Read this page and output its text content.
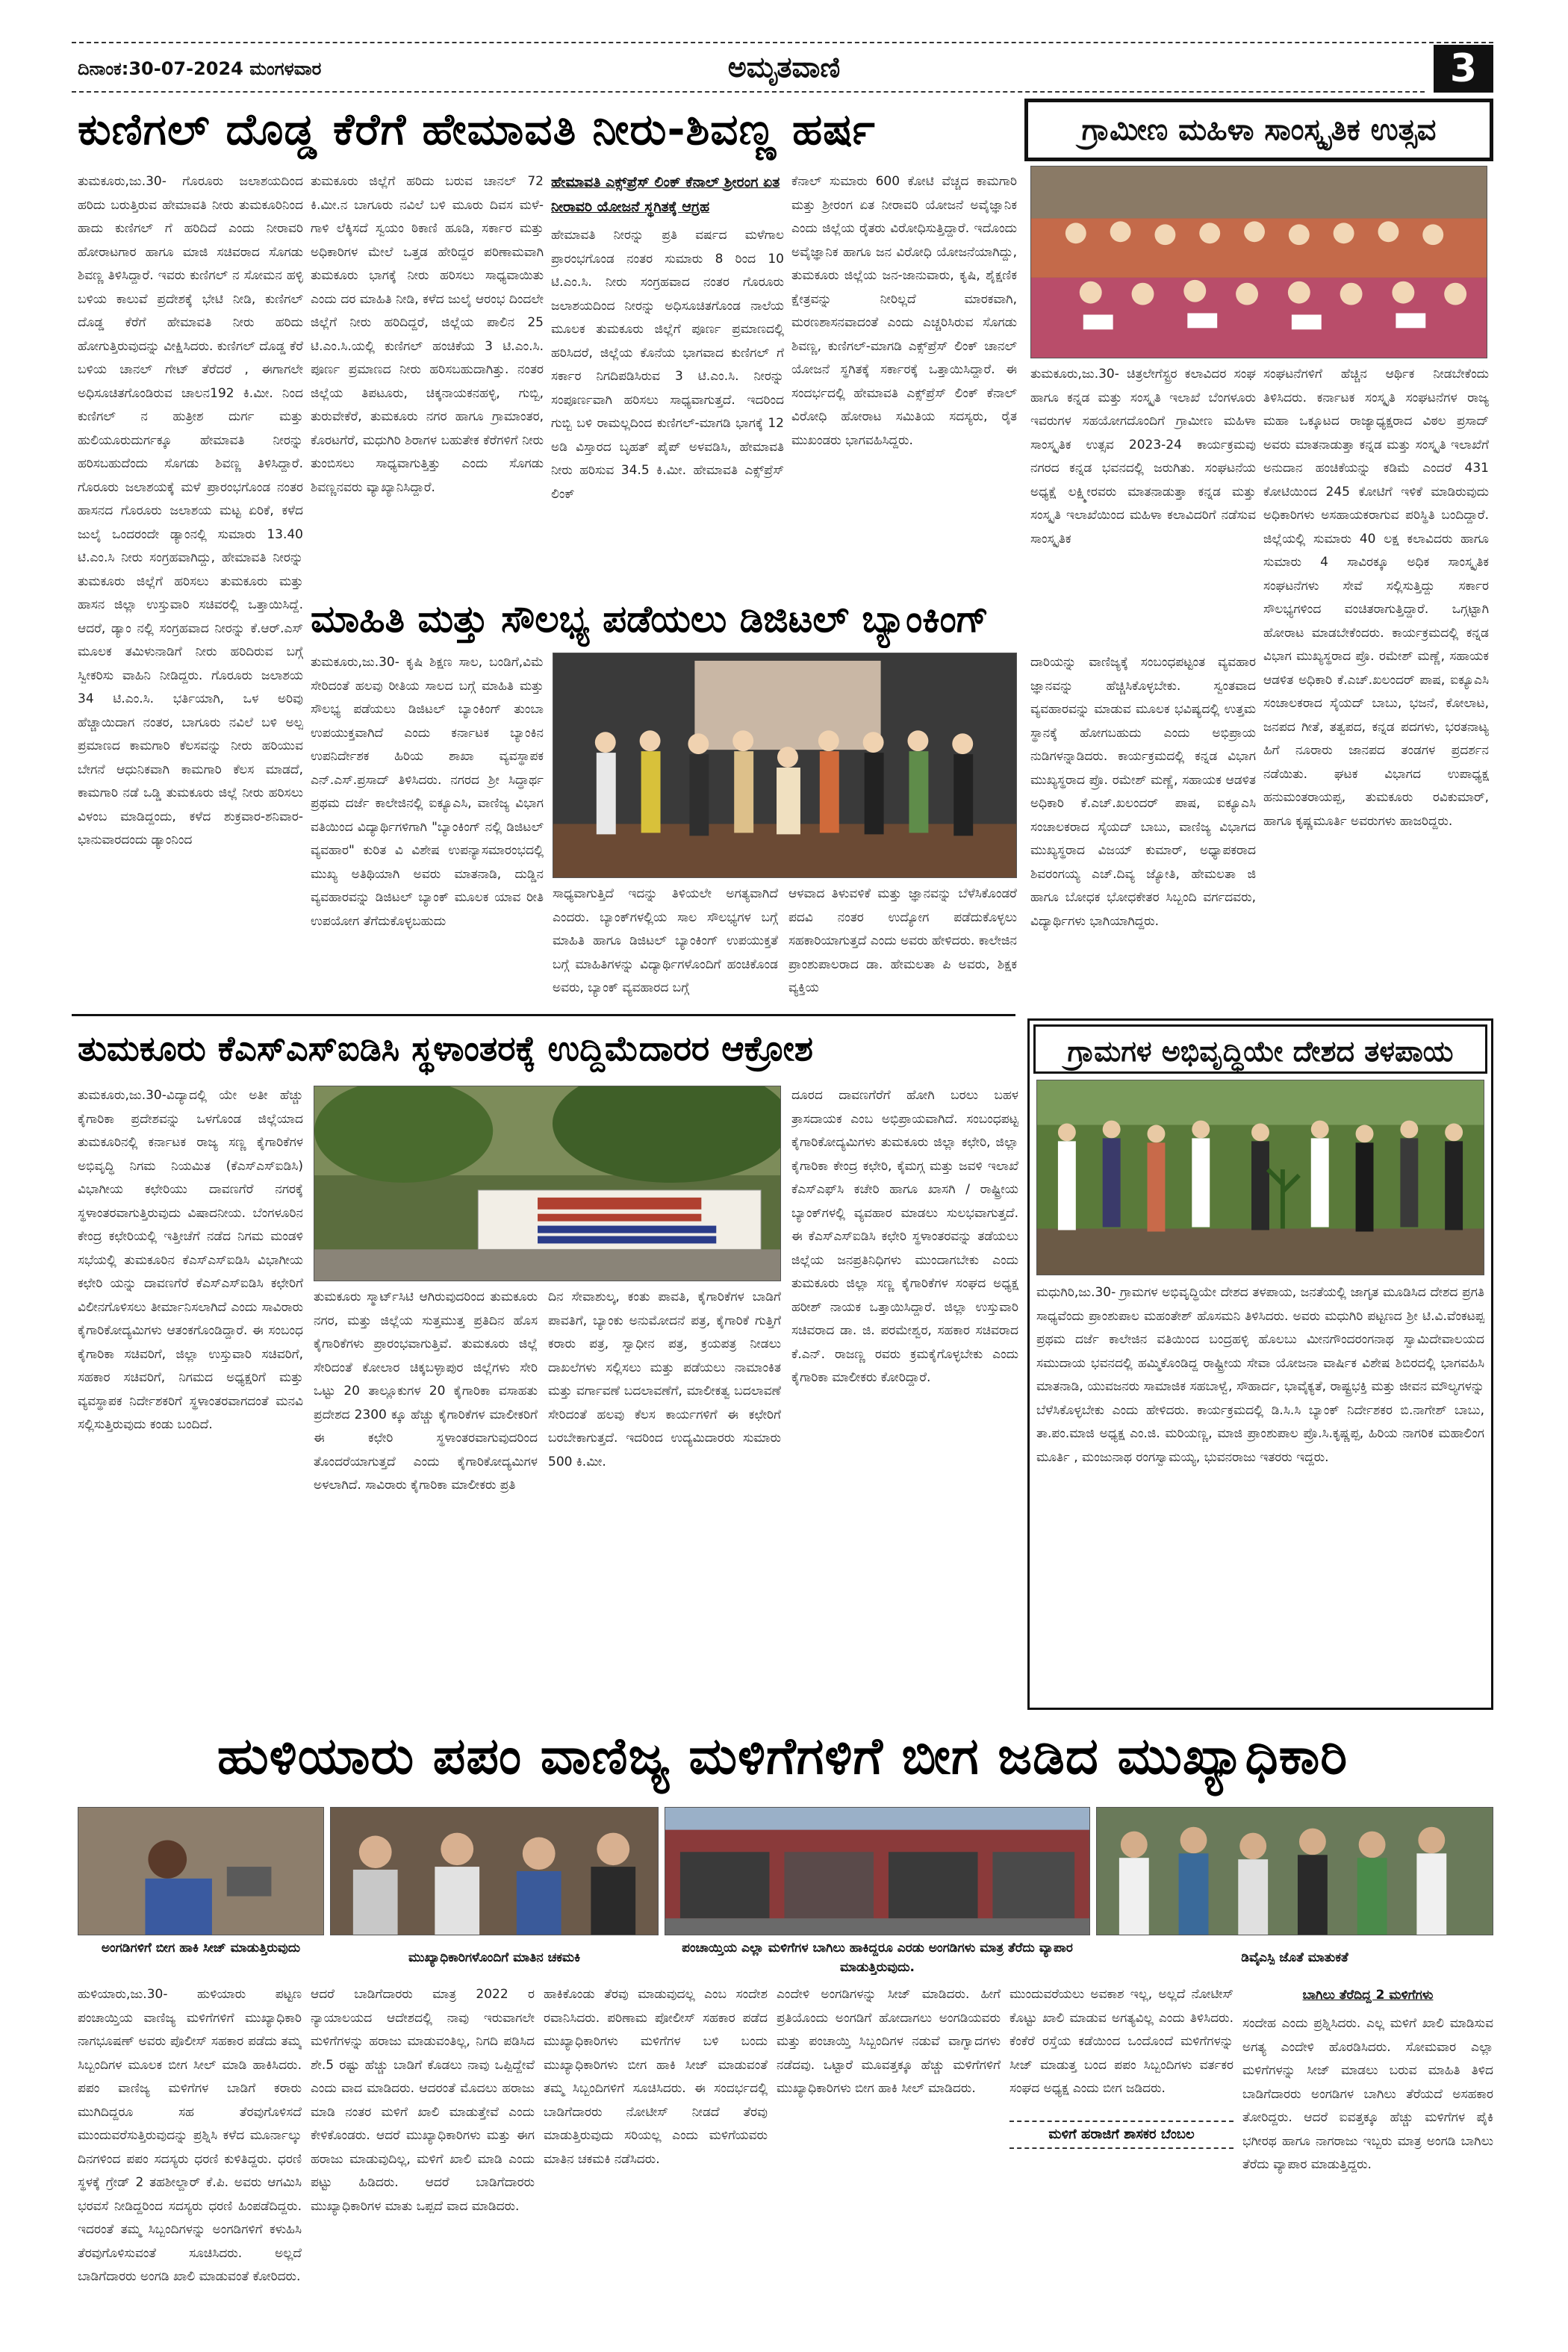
ದಿನಾಂಕ:30-07-2024 ಮಂಗಳವಾರ	ಅಮೃತವಾಣಿ	3
ಕುಣಿಗಲ್ ದೊಡ್ಡ ಕೆರೆಗೆ ಹೇಮಾವತಿ ನೀರು-ಶಿವಣ್ಣ ಹರ್ಷ
ತುಮಕೂರು,ಜು.30- ಗೊರೂರು ಜಲಾಶಯದಿಂದ ಹರಿದು ಬರುತ್ತಿರುವ ಹೇಮಾವತಿ ನೀರು ತುಮಕೂರಿನಿಂದ ಹಾದು ಕುಣಿಗಲ್ ಗೆ ಹರಿದಿದೆ ಎಂದು ನೀರಾವರಿ ಹೋರಾಟಗಾರ ಹಾಗೂ ಮಾಜಿ ಸಚಿವರಾದ ಸೊಗಡು ಶಿವಣ್ಣ ತಿಳಿಸಿದ್ದಾರೆ. ಇವರು ಕುಣಿಗಲ್ ನ ಸೋಮನ ಹಳ್ಳಿ ಬಳಿಯ ಕಾಲುವೆ ಪ್ರದೇಶಕ್ಕೆ ಭೇಟಿ ನೀಡಿ, ಕುಣಿಗಲ್ ದೊಡ್ಡ ಕೆರೆಗೆ ಹೇಮಾವತಿ ನೀರು ಹರಿದು ಹೋಗುತ್ತಿರುವುದನ್ನು ವೀಕ್ಷಿಸಿದರು. ಕುಣಿಗಲ್ ದೊಡ್ಡ ಕೆರೆ ಬಳಿಯ ಚಾನಲ್ ಗೇಟ್ ತೆರೆದರೆ , ಈಗಾಗಲೇ ಅಧಿಸೂಚಿತಗೊಂಡಿರುವ ಚಾಲನ192 ಕಿ.ಮೀ. ನಿಂದ ಕುಣಿಗಲ್ ನ ಹುತ್ರೀಶ ದುರ್ಗ ಮತ್ತು ಹುಲಿಯೂರುದುರ್ಗಕ್ಕೂ ಹೇಮಾವತಿ ನೀರನ್ನು ಹರಿಸಬಹುದೆಂದು ಸೊಗಡು ಶಿವಣ್ಣ ತಿಳಿಸಿದ್ದಾರೆ. ಗೊರೂರು ಜಲಾಶಯಕ್ಕೆ ಮಳೆ ಪ್ರಾರಂಭಗೊಂಡ ನಂತರ ಹಾಸನದ ಗೊರೂರು ಜಲಾಶಯ ಮಟ್ಟ ಏರಿಕೆ, ಕಳೆದ ಜುಲೈ ಒಂದರಂದೇ ಡ್ಯಾಂನಲ್ಲಿ ಸುಮಾರು 13.40 ಟಿ.ಎಂ.ಸಿ ನೀರು ಸಂಗ್ರಹವಾಗಿದ್ದು, ಹೇಮಾವತಿ ನೀರನ್ನು ತುಮಕೂರು ಜಿಲ್ಲೆಗೆ ಹರಿಸಲು ತುಮಕೂರು ಮತ್ತು ಹಾಸನ ಜಿಲ್ಲಾ ಉಸ್ತುವಾರಿ ಸಚಿವರಲ್ಲಿ ಒತ್ತಾಯಿಸಿದ್ದೆ. ಆದರೆ, ಡ್ಯಾಂ ನಲ್ಲಿ ಸಂಗ್ರಹವಾದ ನೀರನ್ನು ಕೆ.ಆರ್.ಎಸ್ ಮೂಲಕ ತಮಿಳುನಾಡಿಗೆ ನೀರು ಹರಿದಿರುವ ಬಗ್ಗೆ ಸ್ವೀಕರಿಸು ವಾಹಿನಿ ನೀಡಿದ್ದರು. ಗೊರೂರು ಜಲಾಶಯ 34 ಟಿ.ಎಂ.ಸಿ. ಭರ್ತಿಯಾಗಿ, ಒಳ ಅರಿವು ಹೆಚ್ಚಾಯಿದಾಗ ನಂತರ, ಬಾಗೂರು ನವಿಲೆ ಬಳಿ ಅಲ್ಪ ಪ್ರಮಾಣದ ಕಾಮಗಾರಿ ಕೆಲಸವನ್ನು ನೀರು ಹರಿಯುವ ಬೇಗನೆ ಆಧುನಿಕವಾಗಿ ಕಾಮಗಾರಿ ಕೆಲಸ ಮಾಡದೆ, ಕಾಮಗಾರಿ ನಡೆ ಒಡ್ಡಿ ತುಮಕೂರು ಜಿಲ್ಲೆ ನೀರು ಹರಿಸಲು ವಿಳಂಬ ಮಾಡಿದ್ದಂದು, ಕಳೆದ ಶುಕ್ರವಾರ-ಶನಿವಾರ-ಭಾನುವಾರದಂದು ಡ್ಯಾಂನಿಂದ
ತುಮಕೂರು ಜಿಲ್ಲೆಗೆ ಹರಿದು ಬರುವ ಚಾನಲ್ 72 ಕಿ.ಮೀ.ನ ಬಾಗೂರು ನವಿಲೆ ಬಳಿ ಮೂರು ದಿವಸ ಮಳೆ-ಗಾಳಿ ಲೆಕ್ಕಿಸದೆ ಸ್ವಯಂ ಠಿಕಾಣಿ ಹೂಡಿ, ಸರ್ಕಾರ ಮತ್ತು ಅಧಿಕಾರಿಗಳ ಮೇಲೆ ಒತ್ತಡ ಹೇರಿದ್ದರ ಪರಿಣಾಮವಾಗಿ ತುಮಕೂರು ಭಾಗಕ್ಕೆ ನೀರು ಹರಿಸಲು ಸಾಧ್ಯವಾಯಿತು ಎಂದು ದರ ಮಾಹಿತಿ ನೀಡಿ, ಕಳೆದ ಜುಲೈ ಆರಂಭ ದಿಂದಲೇ ಜಿಲ್ಲೆಗೆ ನೀರು ಹರಿದಿದ್ದರೆ, ಜಿಲ್ಲೆಯ ಪಾಲಿನ 25 ಟಿ.ಎಂ.ಸಿ.ಯಲ್ಲಿ ಕುಣಿಗಲ್ ಹಂಚಿಕೆಯ 3 ಟಿ.ಎಂ.ಸಿ. ಪೂರ್ಣ ಪ್ರಮಾಣದ ನೀರು ಹರಿಸಬಹುದಾಗಿತ್ತು. ನಂತರ ಜಿಲ್ಲೆಯ ತಿಪಟೂರು, ಚಿಕ್ಕನಾಯಕನಹಳ್ಳಿ, ಗುಬ್ಬಿ, ತುರುವೇಕೆರೆ, ತುಮಕೂರು ನಗರ ಹಾಗೂ ಗ್ರಾಮಾಂತರ, ಕೊರಟಗೆರೆ, ಮಧುಗಿರಿ ಶಿರಾಗಳ ಬಹುತೇಕ ಕೆರೆಗಳಿಗೆ ನೀರು ತುಂಬಿಸಲು ಸಾಧ್ಯವಾಗುತ್ತಿತ್ತು ಎಂದು ಸೊಗಡು ಶಿವಣ್ಣನವರು ವ್ಯಾಖ್ಯಾನಿಸಿದ್ದಾರೆ.
ಹೇಮಾವತಿ ಎಕ್ಸ್‌ಪ್ರೆಸ್ ಲಿಂಕ್ ಕೆನಾಲ್ ಶ್ರೀರಂಗ ಏತ ನೀರಾವರಿ ಯೋಜನೆ ಸ್ಥಗಿತಕ್ಕೆ ಆಗ್ರಹ
ಹೇಮಾವತಿ ನೀರನ್ನು ಪ್ರತಿ ವರ್ಷದ ಮಳೆಗಾಲ ಪ್ರಾರಂಭಗೊಂಡ ನಂತರ ಸುಮಾರು 8 ರಿಂದ 10 ಟಿ.ಎಂ.ಸಿ. ನೀರು ಸಂಗ್ರಹವಾದ ನಂತರ ಗೊರೂರು ಜಲಾಶಯದಿಂದ ನೀರನ್ನು ಅಧಿಸೂಚಿತಗೊಂಡ ನಾಲೆಯ ಮೂಲಕ ತುಮಕೂರು ಜಿಲ್ಲೆಗೆ ಪೂರ್ಣ ಪ್ರಮಾಣದಲ್ಲಿ ಹರಿಸಿದರೆ, ಜಿಲ್ಲೆಯ ಕೊನೆಯ ಭಾಗವಾದ ಕುಣಿಗಲ್ ಗೆ ಸರ್ಕಾರ ನಿಗದಿಪಡಿಸಿರುವ 3 ಟಿ.ಎಂ.ಸಿ. ನೀರನ್ನು ಸಂಪೂರ್ಣವಾಗಿ ಹರಿಸಲು ಸಾಧ್ಯವಾಗುತ್ತದೆ. ಇದರಿಂದ ಗುಬ್ಬಿ ಬಳಿ ರಾಮಲ್ಲದಿಂದ ಕುಣಿಗಲ್-ಮಾಗಡಿ ಭಾಗಕ್ಕೆ 12 ಅಡಿ ವಿಸ್ತಾರದ ಬೃಹತ್ ಪೈಪ್ ಅಳವಡಿಸಿ, ಹೇಮಾವತಿ ನೀರು ಹರಿಸುವ 34.5 ಕಿ.ಮೀ. ಹೇಮಾವತಿ ಎಕ್ಸ್‌ಪ್ರೆಸ್ ಲಿಂಕ್
ಕೆನಾಲ್ ಸುಮಾರು 600 ಕೋಟಿ ವೆಚ್ಚದ ಕಾಮಗಾರಿ ಮತ್ತು ಶ್ರೀರಂಗ ಏತ ನೀರಾವರಿ ಯೋಜನೆ ಅವೈಜ್ಞಾನಿಕ ಎಂದು ಜಿಲ್ಲೆಯ ರೈತರು ವಿರೋಧಿಸುತ್ತಿದ್ದಾರೆ. ಇದೊಂದು ಅವೈಜ್ಞಾನಿಕ ಹಾಗೂ ಜನ ವಿರೋಧಿ ಯೋಜನೆಯಾಗಿದ್ದು, ತುಮಕೂರು ಜಿಲ್ಲೆಯ ಜನ-ಜಾನುವಾರು, ಕೃಷಿ, ಶೈಕ್ಷಣಿಕ ಕ್ಷೇತ್ರವನ್ನು ನೀರಿಲ್ಲದೆ ಮಾರಕವಾಗಿ, ಮರಣಶಾಸನವಾದಂತೆ ಎಂದು ಎಚ್ಚರಿಸಿರುವ ಸೊಗಡು ಶಿವಣ್ಣ, ಕುಣಿಗಲ್-ಮಾಗಡಿ ಎಕ್ಸ್‌ಪ್ರೆಸ್ ಲಿಂಕ್ ಚಾನಲ್ ಯೋಜನೆ ಸ್ಥಗಿತಕ್ಕೆ ಸರ್ಕಾರಕ್ಕೆ ಒತ್ತಾಯಿಸಿದ್ದಾರೆ. ಈ ಸಂದರ್ಭದಲ್ಲಿ ಹೇಮಾವತಿ ಎಕ್ಸ್‌ಪ್ರೆಸ್ ಲಿಂಕ್ ಕೆನಾಲ್ ವಿರೋಧಿ ಹೋರಾಟ ಸಮಿತಿಯ ಸದಸ್ಯರು, ರೈತ ಮುಖಂಡರು ಭಾಗವಹಿಸಿದ್ದರು.
ಗ್ರಾಮೀಣ ಮಹಿಳಾ ಸಾಂಸ್ಕೃತಿಕ ಉತ್ಸವ
ತುಮಕೂರು,ಜು.30- ಚಿತ್ರಲೇಗೆಸ್ಟ್ರರ ಕಲಾವಿದರ ಸಂಘ ಹಾಗೂ ಕನ್ನಡ ಮತ್ತು ಸಂಸ್ಕೃತಿ ಇಲಾಖೆ ಬೆಂಗಳೂರು ಇವರುಗಳ ಸಹಯೋಗದೊಂದಿಗೆ ಗ್ರಾಮೀಣ ಮಹಿಳಾ ಸಾಂಸ್ಕೃತಿಕ ಉತ್ಸವ 2023-24 ಕಾರ್ಯಕ್ರಮವು ನಗರದ ಕನ್ನಡ ಭವನದಲ್ಲಿ ಜರುಗಿತು. ಸಂಘಟನೆಯ ಅಧ್ಯಕ್ಷೆ ಲಕ್ಷ್ಮೀರವರು ಮಾತನಾಡುತ್ತಾ ಕನ್ನಡ ಮತ್ತು ಸಂಸ್ಕೃತಿ ಇಲಾಖೆಯಿಂದ ಮಹಿಳಾ ಕಲಾವಿದರಿಗೆ ನಡೆಸುವ ಸಾಂಸ್ಕೃತಿಕ
ಸಂಘಟನೆಗಳಿಗೆ ಹೆಚ್ಚಿನ ಆರ್ಥಿಕ ನೀಡಬೇಕೆಂದು ತಿಳಿಸಿದರು. ಕರ್ನಾಟಕ ಸಂಸ್ಕೃತಿ ಸಂಘಟನೆಗಳ ರಾಜ್ಯ ಮಹಾ ಒಕ್ಕೂಟದ ರಾಜ್ಯಾಧ್ಯಕ್ಷರಾದ ವಿಠಲ ಪ್ರಸಾದ್ ಅವರು ಮಾತನಾಡುತ್ತಾ ಕನ್ನಡ ಮತ್ತು ಸಂಸ್ಕೃತಿ ಇಲಾಖೆಗೆ ಅನುದಾನ ಹಂಚಿಕೆಯನ್ನು ಕಡಿಮೆ ಎಂದರೆ 431 ಕೋಟಿಯಿಂದ 245 ಕೋಟಿಗೆ ಇಳಿಕೆ ಮಾಡಿರುವುದು ಅಧಿಕಾರಿಗಳು ಅಸಹಾಯಕರಾಗುವ ಪರಿಸ್ಥಿತಿ ಬಂದಿದ್ದಾರೆ. ಜಿಲ್ಲೆಯಲ್ಲಿ ಸುಮಾರು 40 ಲಕ್ಷ ಕಲಾವಿದರು ಹಾಗೂ ಸುಮಾರು 4 ಸಾವಿರಕ್ಕೂ ಅಧಿಕ ಸಾಂಸ್ಕೃತಿಕ ಸಂಘಟನೆಗಳು ಸೇವೆ ಸಲ್ಲಿಸುತ್ತಿದ್ದು ಸರ್ಕಾರ ಸೌಲಭ್ಯಗಳಿಂದ ವಂಚಿತರಾಗುತ್ತಿದ್ದಾರೆ. ಒಗ್ಗಟ್ಟಾಗಿ ಹೋರಾಟ ಮಾಡಬೇಕೆಂದರು. ಕಾರ್ಯಕ್ರಮದಲ್ಲಿ ಕನ್ನಡ ವಿಭಾಗ ಮುಖ್ಯಸ್ಥರಾದ ಪ್ರೊ. ರಮೇಶ್ ಮಣ್ಣೆ, ಸಹಾಯಕ ಆಡಳಿತ ಅಧಿಕಾರಿ ಕೆ.ಎಚ್.ಖಲಂದರ್ ಪಾಷ, ಐಕ್ಯೂಎಸಿ ಸಂಚಾಲಕರಾದ ಸೈಯದ್ ಬಾಬು, ಭಜನೆ, ಕೋಲಾಟ, ಜನಪದ ಗೀತೆ, ತತ್ವಪದ, ಕನ್ನಡ ಪದಗಳು, ಭರತನಾಟ್ಯ ಹಿಗೆ ನೂರಾರು ಜಾನಪದ ತಂಡಗಳ ಪ್ರದರ್ಶನ ನಡೆಯಿತು. ಘಟಕ ವಿಭಾಗದ ಉಪಾಧ್ಯಕ್ಷ ಹನುಮಂತರಾಯಪ್ಪ, ತುಮಕೂರು ರವಿಕುಮಾರ್, ಹಾಗೂ ಕೃಷ್ಣಮೂರ್ತಿ ಅವರುಗಳು ಹಾಜರಿದ್ದರು.
ಮಾಹಿತಿ ಮತ್ತು ಸೌಲಭ್ಯ ಪಡೆಯಲು ಡಿಜಿಟಲ್ ಬ್ಯಾಂಕಿಂಗ್
ತುಮಕೂರು,ಜು.30- ಕೃಷಿ ಶಿಕ್ಷಣ ಸಾಲ, ಬಂಡಿಗೆ,ವಿಮೆ ಸೇರಿದಂತೆ ಹಲವು ರೀತಿಯ ಸಾಲದ ಬಗ್ಗೆ ಮಾಹಿತಿ ಮತ್ತು ಸೌಲಭ್ಯ ಪಡೆಯಲು ಡಿಜಿಟಲ್ ಬ್ಯಾಂಕಿಂಗ್ ತುಂಬಾ ಉಪಯುಕ್ತವಾಗಿದೆ ಎಂದು ಕರ್ನಾಟಕ ಬ್ಯಾಂಕಿನ ಉಪನಿರ್ದೇಶಕ ಹಿರಿಯ ಶಾಖಾ ವ್ಯವಸ್ಥಾಪಕ ಎನ್.ಎಸ್.ಪ್ರಸಾದ್ ತಿಳಿಸಿದರು. ನಗರದ ಶ್ರೀ ಸಿದ್ಧಾರ್ಥ ಪ್ರಥಮ ದರ್ಜೆ ಕಾಲೇಜಿನಲ್ಲಿ ಐಕ್ಯೂಎಸಿ, ವಾಣಿಜ್ಯ ವಿಭಾಗ ವತಿಯಿಂದ ವಿದ್ಯಾರ್ಥಿಗಳಿಗಾಗಿ "ಬ್ಯಾಂಕಿಂಗ್ ನಲ್ಲಿ ಡಿಜಿಟಲ್ ವ್ಯವಹಾರ" ಕುರಿತ ವಿ ವಿಶೇಷ ಉಪನ್ಯಾಸಮಾರಂಭದಲ್ಲಿ ಮುಖ್ಯ ಅತಿಥಿಯಾಗಿ ಅವರು ಮಾತನಾಡಿ, ದುಡ್ಡಿನ ವ್ಯವಹಾರವನ್ನು ಡಿಜಿಟಲ್ ಬ್ಯಾಂಕ್ ಮೂಲಕ ಯಾವ ರೀತಿ ಉಪಯೋಗ ತೆಗೆದುಕೊಳ್ಳಬಹುದು
ಸಾಧ್ಯವಾಗುತ್ತಿದೆ ಇದನ್ನು ತಿಳಿಯಲೇ ಅಗತ್ಯವಾಗಿದೆ ಎಂದರು. ಬ್ಯಾಂಕ್‌ಗಳಲ್ಲಿಯ ಸಾಲ ಸೌಲಭ್ಯಗಳ ಬಗ್ಗೆ ಮಾಹಿತಿ ಹಾಗೂ ಡಿಜಿಟಲ್ ಬ್ಯಾಂಕಿಂಗ್ ಉಪಯುಕ್ತತೆ ಬಗ್ಗೆ ಮಾಹಿತಿಗಳನ್ನು ವಿದ್ಯಾರ್ಥಿಗಳೊಂದಿಗೆ ಹಂಚಿಕೊಂಡ ಅವರು, ಬ್ಯಾಂಕ್ ವ್ಯವಹಾರದ ಬಗ್ಗೆ
ಆಳವಾದ ತಿಳುವಳಿಕೆ ಮತ್ತು ಜ್ಞಾನವನ್ನು ಬೆಳೆಸಿಕೊಂಡರೆ ಪದವಿ ನಂತರ ಉದ್ಯೋಗ ಪಡೆದುಕೊಳ್ಳಲು ಸಹಕಾರಿಯಾಗುತ್ತದೆ ಎಂದು ಅವರು ಹೇಳಿದರು. ಕಾಲೇಜಿನ ಪ್ರಾಂಶುಪಾಲರಾದ ಡಾ. ಹೇಮಲತಾ ಪಿ ಅವರು, ಶಿಕ್ಷಕ ವ್ಯಕ್ತಿಯ
ದಾರಿಯನ್ನು ವಾಣಿಜ್ಯಕ್ಕೆ ಸಂಬಂಧಪಟ್ಟಂತ ವ್ಯವಹಾರ ಜ್ಞಾನವನ್ನು ಹೆಚ್ಚಿಸಿಕೊಳ್ಳಬೇಕು. ಸ್ವಂತವಾದ ವ್ಯವಹಾರವನ್ನು ಮಾಡುವ ಮೂಲಕ ಭವಿಷ್ಯದಲ್ಲಿ ಉತ್ತಮ ಸ್ಥಾನಕ್ಕೆ ಹೋಗಬಹುದು ಎಂದು ಅಭಿಪ್ರಾಯ ನುಡಿಗಳನ್ನಾಡಿದರು. ಕಾರ್ಯಕ್ರಮದಲ್ಲಿ ಕನ್ನಡ ವಿಭಾಗ ಮುಖ್ಯಸ್ಥರಾದ ಪ್ರೊ. ರಮೇಶ್ ಮಣ್ಣೆ, ಸಹಾಯಕ ಆಡಳಿತ ಅಧಿಕಾರಿ ಕೆ.ಎಚ್.ಖಲಂದರ್ ಪಾಷ, ಐಕ್ಯೂಎಸಿ ಸಂಚಾಲಕರಾದ ಸೈಯದ್ ಬಾಬು, ವಾಣಿಜ್ಯ ವಿಭಾಗದ ಮುಖ್ಯಸ್ಥರಾದ ವಿಜಯ್ ಕುಮಾರ್, ಅಧ್ಯಾಪಕರಾದ ಶಿವರಂಗಯ್ಯ ಎಚ್.ದಿವ್ಯ ಜ್ಯೋತಿ, ಹೇಮಲತಾ ಜಿ ಹಾಗೂ ಬೋಧಕ ಭೋಧಕೇತರ ಸಿಬ್ಬಂದಿ ವರ್ಗದವರು, ವಿದ್ಯಾರ್ಥಿಗಳು ಭಾಗಿಯಾಗಿದ್ದರು.
ತುಮಕೂರು ಕೆಎಸ್ಎಸ್ಐಡಿಸಿ ಸ್ಥಳಾಂತರಕ್ಕೆ ಉದ್ದಿಮೆದಾರರ ಆಕ್ರೋಶ
ತುಮಕೂರು,ಜು.30-ವಿದ್ಯಾದಲ್ಲಿ ಯೇ ಅತೀ ಹೆಚ್ಚು ಕೈಗಾರಿಕಾ ಪ್ರದೇಶವನ್ನು ಒಳಗೊಂಡ ಜಿಲ್ಲೆಯಾದ ತುಮಕೂರಿನಲ್ಲಿ ಕರ್ನಾಟಕ ರಾಜ್ಯ ಸಣ್ಣ ಕೈಗಾರಿಕೆಗಳ ಅಭಿವೃದ್ಧಿ ನಿಗಮ ನಿಯಮಿತ (ಕೆಎಸ್ಎಸ್ಐಡಿಸಿ) ವಿಭಾಗೀಯ ಕಛೇರಿಯು ದಾವಣಗೆರೆ ನಗರಕ್ಕೆ ಸ್ಥಳಾಂತರವಾಗುತ್ತಿರುವುದು ವಿಷಾದನೀಯ. ಬೆಂಗಳೂರಿನ ಕೇಂದ್ರ ಕಛೇರಿಯಲ್ಲಿ ಇತ್ತೀಚೆಗೆ ನಡೆದ ನಿಗಮ ಮಂಡಳಿ ಸಭೆಯಲ್ಲಿ ತುಮಕೂರಿನ ಕೆಎಸ್ಎಸ್ಐಡಿಸಿ ವಿಭಾಗೀಯ ಕಛೇರಿ ಯನ್ನು ದಾವಣಗೆರೆ ಕೆಎಸ್ಎಸ್ಐಡಿಸಿ ಕಛೇರಿಗೆ ವಿಲೀನಗೊಳಿಸಲು ತೀರ್ಮಾನಿಸಲಾಗಿದೆ ಎಂದು ಸಾವಿರಾರು ಕೈಗಾರಿಕೋದ್ಯಮಿಗಳು ಆತಂಕಗೊಂಡಿದ್ದಾರೆ. ಈ ಸಂಬಂಧ ಕೈಗಾರಿಕಾ ಸಚಿವರಿಗೆ, ಜಿಲ್ಲಾ ಉಸ್ತುವಾರಿ ಸಚಿವರಿಗೆ, ಸಹಕಾರ ಸಚಿವರಿಗೆ, ನಿಗಮದ ಅಧ್ಯಕ್ಷರಿಗೆ ಮತ್ತು ವ್ಯವಸ್ಥಾಪಕ ನಿರ್ದೇಶಕರಿಗೆ ಸ್ಥಳಾಂತರವಾಗದಂತೆ ಮನವಿ ಸಲ್ಲಿಸುತ್ತಿರುವುದು ಕಂಡು ಬಂದಿದೆ.
ತುಮಕೂರು ಸ್ಮಾರ್ಟ್‌ಸಿಟಿ ಆಗಿರುವುದರಿಂದ ತುಮಕೂರು ನಗರ, ಮತ್ತು ಜಿಲ್ಲೆಯ ಸುತ್ತಮುತ್ತ ಪ್ರತಿದಿನ ಹೊಸ ಕೈಗಾರಿಕೆಗಳು ಪ್ರಾರಂಭವಾಗುತ್ತಿವೆ. ತುಮಕೂರು ಜಿಲ್ಲೆ ಸೇರಿದಂತೆ ಕೋಲಾರ ಚಿಕ್ಕಬಳ್ಳಾಪುರ ಜಿಲ್ಲೆಗಳು ಸೇರಿ ಒಟ್ಟು 20 ತಾಲ್ಲೂಕುಗಳ 20 ಕೈಗಾರಿಕಾ ವಸಾಹತು ಪ್ರದೇಶದ 2300 ಕ್ಕೂ ಹೆಚ್ಚು ಕೈಗಾರಿಕೆಗಳ ಮಾಲೀಕರಿಗೆ ಈ ಕಛೇರಿ ಸ್ಥಳಾಂತರವಾಗುವುದರಿಂದ ತೊಂದರೆಯಾಗುತ್ತದೆ ಎಂದು ಕೈಗಾರಿಕೋದ್ಯಮಿಗಳ ಅಳಲಾಗಿದೆ. ಸಾವಿರಾರು ಕೈಗಾರಿಕಾ ಮಾಲೀಕರು ಪ್ರತಿ
ದಿನ ಸೇವಾಶುಲ್ಕ, ಕಂತು ಪಾವತಿ, ಕೈಗಾರಿಕೆಗಳ ಬಾಡಿಗೆ ಪಾವತಿಗೆ, ಬ್ಯಾಂಕು ಅನುಮೋದನೆ ಪತ್ರ, ಕೈಗಾರಿಕೆ ಗುತ್ತಿಗೆ ಕರಾರು ಪತ್ರ, ಸ್ವಾಧೀನ ಪತ್ರ, ಕ್ರಯಪತ್ರ ನೀಡಲು ದಾಖಲೆಗಳು ಸಲ್ಲಿಸಲು ಮತ್ತು ಪಡೆಯಲು ನಾಮಾಂಕಿತ ಮತ್ತು ವರ್ಗಾವಣೆ ಬದಲಾವಣೆಗೆ, ಮಾಲೀಕತ್ವ ಬದಲಾವಣೆ ಸೇರಿದಂತೆ ಹಲವು ಕೆಲಸ ಕಾರ್ಯಗಳಿಗೆ ಈ ಕಛೇರಿಗೆ ಬರಬೇಕಾಗುತ್ತದೆ. ಇದರಿಂದ ಉದ್ಯಮಿದಾರರು ಸುಮಾರು 500 ಕಿ.ಮೀ.
ದೂರದ ದಾವಣಗೆರೆಗೆ ಹೋಗಿ ಬರಲು ಬಹಳ ತ್ರಾಸದಾಯಕ ಎಂಬ ಅಭಿಪ್ರಾಯವಾಗಿದೆ. ಸಂಬಂಧಪಟ್ಟ ಕೈಗಾರಿಕೋದ್ಯಮಿಗಳು ತುಮಕೂರು ಜಿಲ್ಲಾ ಕಛೇರಿ, ಜಿಲ್ಲಾ ಕೈಗಾರಿಕಾ ಕೇಂದ್ರ ಕಛೇರಿ, ಕೈಮಗ್ಗ ಮತ್ತು ಜವಳಿ ಇಲಾಖೆ ಕೆಎಸ್ಎಫ್‌ಸಿ ಕಚೇರಿ ಹಾಗೂ ಖಾಸಗಿ / ರಾಷ್ಟ್ರೀಯ ಬ್ಯಾಂಕ್‌ಗಳಲ್ಲಿ ವ್ಯವಹಾರ ಮಾಡಲು ಸುಲಭವಾಗುತ್ತದೆ. ಈ ಕೆಎಸ್ಎಸ್ಐಡಿಸಿ ಕಛೇರಿ ಸ್ಥಳಾಂತರವನ್ನು ತಡೆಯಲು ಜಿಲ್ಲೆಯ ಜನಪ್ರತಿನಿಧಿಗಳು ಮುಂದಾಗಬೇಕು ಎಂದು ತುಮಕೂರು ಜಿಲ್ಲಾ ಸಣ್ಣ ಕೈಗಾರಿಕೆಗಳ ಸಂಘದ ಅಧ್ಯಕ್ಷ ಹರೀಶ್ ನಾಯಕ ಒತ್ತಾಯಿಸಿದ್ದಾರೆ. ಜಿಲ್ಲಾ ಉಸ್ತುವಾರಿ ಸಚಿವರಾದ ಡಾ. ಜಿ. ಪರಮೇಶ್ವರ, ಸಹಕಾರ ಸಚಿವರಾದ ಕೆ.ಎನ್. ರಾಜಣ್ಣ ರವರು ಕ್ರಮಕೈಗೊಳ್ಳಬೇಕು ಎಂದು ಕೈಗಾರಿಕಾ ಮಾಲೀಕರು ಕೋರಿದ್ದಾರೆ.
ಗ್ರಾಮಗಳ ಅಭಿವೃದ್ಧಿಯೇ ದೇಶದ ತಳಪಾಯ
ಮಧುಗಿರಿ,ಜು.30- ಗ್ರಾಮಗಳ ಅಭಿವೃದ್ಧಿಯೇ ದೇಶದ ತಳಪಾಯ, ಜನತೆಯಲ್ಲಿ ಜಾಗೃತ ಮೂಡಿಸಿದ ದೇಶದ ಪ್ರಗತಿ ಸಾಧ್ಯವೆಂದು ಪ್ರಾಂಶುಪಾಲ ಮಹಂತೇಶ್ ಹೊಸಮನಿ ತಿಳಿಸಿದರು. ಅವರು ಮಧುಗಿರಿ ಪಟ್ಟಣದ ಶ್ರೀ ಟಿ.ವಿ.ವೆಂಕಟಪ್ಪ ಪ್ರಥಮ ದರ್ಜೆ ಕಾಲೇಜಿನ ವತಿಯಿಂದ ಬಂದ್ರಹಳ್ಳಿ ಹೊಲಬು ಮೀನಗೌಂದರಂಗನಾಥ ಸ್ವಾಮಿದೇವಾಲಯದ ಸಮುದಾಯ ಭವನದಲ್ಲಿ ಹಮ್ಮಿಕೊಂಡಿದ್ದ ರಾಷ್ಟ್ರೀಯ ಸೇವಾ ಯೋಜನಾ ವಾರ್ಷಿಕ ವಿಶೇಷ ಶಿಬಿರದಲ್ಲಿ ಭಾಗವಹಿಸಿ ಮಾತನಾಡಿ, ಯುವಜನರು ಸಾಮಾಜಿಕ ಸಹಬಾಳ್ವೆ, ಸೌಹಾರ್ದ, ಭಾವೈಕ್ಯತೆ, ರಾಷ್ಟ್ರಭಕ್ತಿ ಮತ್ತು ಜೀವನ ಮೌಲ್ಯಗಳನ್ನು ಬೆಳೆಸಿಕೊಳ್ಳಬೇಕು ಎಂದು ಹೇಳಿದರು. ಕಾರ್ಯಕ್ರಮದಲ್ಲಿ ಡಿ.ಸಿ.ಸಿ ಬ್ಯಾಂಕ್ ನಿರ್ದೇಶಕರ ಬಿ.ನಾಗೇಶ್ ಬಾಬು, ತಾ.ಪಂ.ಮಾಜಿ ಅಧ್ಯಕ್ಷ ಎಂ.ಜಿ. ಮರಿಯಣ್ಣ, ಮಾಜಿ ಪ್ರಾಂಶುಪಾಲ ಪ್ರೊ.ಸಿ.ಕೃಷ್ಣಪ್ಪ, ಹಿರಿಯ ನಾಗರಿಕ ಮಹಾಲಿಂಗ ಮೂರ್ತಿ , ಮಂಜುನಾಥ ರಂಗಸ್ವಾಮಯ್ಯ, ಭುವನರಾಜು ಇತರರು ಇದ್ದರು.
ಹುಳಿಯಾರು ಪಪಂ ವಾಣಿಜ್ಯ ಮಳಿಗೆಗಳಿಗೆ ಬೀಗ ಜಡಿದ ಮುಖ್ಯಾಧಿಕಾರಿ
ಅಂಗಡಿಗಳಿಗೆ ಬೀಗ ಹಾಕಿ ಸೀಜ್ ಮಾಡುತ್ತಿರುವುದು
ಮುಖ್ಯಾಧಿಕಾರಿಗಳೊಂದಿಗೆ ಮಾತಿನ ಚಕಮಕಿ
ಪಂಚಾಯ್ತಿಯ ಎಲ್ಲಾ ಮಳಿಗೆಗಳ ಬಾಗಿಲು ಹಾಕಿದ್ದರೂ ಎರಡು ಅಂಗಡಿಗಳು ಮಾತ್ರ ತೆರೆದು ವ್ಯಾಪಾರ ಮಾಡುತ್ತಿರುವುದು.
ಡಿವೈಎಸ್ಪಿ ಜೊತೆ ಮಾತುಕತೆ
ಹುಳಿಯಾರು,ಜು.30- ಹುಳಿಯಾರು ಪಟ್ಟಣ ಪಂಚಾಯ್ತಿಯ ವಾಣಿಜ್ಯ ಮಳಿಗೆಗಳಿಗೆ ಮುಖ್ಯಾಧಿಕಾರಿ ನಾಗಭೂಷಣ್ ಅವರು ಪೊಲೀಸ್ ಸಹಕಾರ ಪಡೆದು ತಮ್ಮ ಸಿಬ್ಬಂದಿಗಳ ಮೂಲಕ ಬೀಗ ಸೀಲ್ ಮಾಡಿ ಹಾಕಿಸಿದರು. ಪಪಂ ವಾಣಿಜ್ಯ ಮಳಿಗೆಗಳ ಬಾಡಿಗೆ ಕರಾರು ಮುಗಿದಿದ್ದರೂ ಸಹ ತೆರವುಗೊಳಿಸದೆ ಮುಂದುವರೆಸುತ್ತಿರುವುದನ್ನು ಪ್ರಶ್ನಿಸಿ ಕಳೆದ ಮೂರ್ನಾಲ್ಕು ದಿನಗಳಿಂದ ಪಪಂ ಸದಸ್ಯರು ಧರಣಿ ಕುಳಿತಿದ್ದರು. ಧರಣಿ ಸ್ಥಳಕ್ಕೆ ಗ್ರೇಡ್ 2 ತಹಶೀಲ್ದಾರ್ ಕೆ.ಪಿ. ಅವರು ಆಗಮಿಸಿ ಭರವಸೆ ನೀಡಿದ್ದರಿಂದ ಸದಸ್ಯರು ಧರಣಿ ಹಿಂಪಡೆದಿದ್ದರು. ಇದರಂತೆ ತಮ್ಮ ಸಿಬ್ಬಂದಿಗಳನ್ನು ಅಂಗಡಿಗಳಿಗೆ ಕಳುಹಿಸಿ ತೆರವುಗೊಳಿಸುವಂತೆ ಸೂಚಿಸಿದರು. ಅಲ್ಲದೆ ಬಾಡಿಗೆದಾರರು ಅಂಗಡಿ ಖಾಲಿ ಮಾಡುವಂತೆ ಕೋರಿದರು.
ಆದರೆ ಬಾಡಿಗೆದಾರರು ಮಾತ್ರ 2022 ರ ನ್ಯಾಯಾಲಯದ ಆದೇಶದಲ್ಲಿ ನಾವು ಇರುವಾಗಲೇ ಮಳಿಗೆಗಳನ್ನು ಹರಾಜು ಮಾಡುವಂತಿಲ್ಲ, ನಿಗದಿ ಪಡಿಸಿದ ಶೇ.5 ರಷ್ಟು ಹೆಚ್ಚು ಬಾಡಿಗೆ ಕೊಡಲು ನಾವು ಒಪ್ಪಿದ್ದೇವೆ ಎಂದು ವಾದ ಮಾಡಿದರು. ಆದರಂತೆ ಮೊದಲು ಹರಾಜು ಮಾಡಿ ನಂತರ ಮಳಿಗೆ ಖಾಲಿ ಮಾಡುತ್ತೇವೆ ಎಂದು ಕೇಳಿಕೊಂಡರು. ಆದರೆ ಮುಖ್ಯಾಧಿಕಾರಿಗಳು ಮತ್ತು ಈಗ ಹರಾಜು ಮಾಡುವುದಿಲ್ಲ, ಮಳಿಗೆ ಖಾಲಿ ಮಾಡಿ ಎಂದು ಪಟ್ಟು ಹಿಡಿದರು. ಆದರೆ ಬಾಡಿಗೆದಾರರು ಮುಖ್ಯಾಧಿಕಾರಿಗಳ ಮಾತು ಒಪ್ಪದೆ ವಾದ ಮಾಡಿದರು.
ಹಾಕಿಕೊಂಡು ತೆರವು ಮಾಡುವುದಲ್ಲ ಎಂಬ ಸಂದೇಶ ರವಾನಿಸಿದರು. ಪರಿಣಾಮ ಪೋಲೀಸ್ ಸಹಕಾರ ಪಡೆದ ಮುಖ್ಯಾಧಿಕಾರಿಗಳು ಮಳಿಗೆಗಳ ಬಳಿ ಬಂದು ಮುಖ್ಯಾಧಿಕಾರಿಗಳು ಬೀಗ ಹಾಕಿ ಸೀಜ್ ಮಾಡುವಂತೆ ತಮ್ಮ ಸಿಬ್ಬಂದಿಗಳಿಗೆ ಸೂಚಿಸಿದರು. ಈ ಸಂದರ್ಭದಲ್ಲಿ ಬಾಡಿಗೆದಾರರು ನೋಟೀಸ್ ನೀಡದೆ ತೆರವು ಮಾಡುತ್ತಿರುವುದು ಸರಿಯಲ್ಲ ಎಂದು ಮಳಿಗೆಯವರು ಮಾತಿನ ಚಕಮಕಿ ನಡೆಸಿದರು.
ಎಂದೇಳಿ ಅಂಗಡಿಗಳನ್ನು ಸೀಜ್ ಮಾಡಿದರು. ಹೀಗೆ ಪ್ರತಿಯೊಂದು ಅಂಗಡಿಗೆ ಹೋದಾಗಲು ಅಂಗಡಿಯವರು ಮತ್ತು ಪಂಚಾಯ್ತಿ ಸಿಬ್ಬಂದಿಗಳ ನಡುವೆ ವಾಗ್ವಾದಗಳು ನಡೆದವು. ಒಟ್ಟಾರೆ ಮೂವತ್ತಕ್ಕೂ ಹೆಚ್ಚು ಮಳಿಗೆಗಳಿಗೆ ಮುಖ್ಯಾಧಿಕಾರಿಗಳು ಬೀಗ ಹಾಕಿ ಸೀಲ್ ಮಾಡಿದರು.
ಮುಂದುವರೆಯಲು ಅವಕಾಶ ಇಲ್ಲ, ಅಲ್ಲದೆ ನೋಟೀಸ್ ಕೊಟ್ಟು ಖಾಲಿ ಮಾಡುವ ಅಗತ್ಯವಿಲ್ಲ ಎಂದು ತಿಳಿಸಿದರು. ಕೆಂಕೆರೆ ರಸ್ತೆಯ ಕಡೆಯಿಂದ ಒಂದೊಂದೆ ಮಳಿಗೆಗಳನ್ನು ಸೀಜ್ ಮಾಡುತ್ತ ಬಂದ ಪಪಂ ಸಿಬ್ಬಂದಿಗಳು ವರ್ತಕರ ಸಂಘದ ಅಧ್ಯಕ್ಷ ಎಂದು ಬೀಗ ಜಡಿದರು.
ಮಳಿಗೆ ಹರಾಜಿಗೆ ಶಾಸಕರ ಬೆಂಬಲ
ಬಾಗಿಲು ತೆರೆದಿದ್ದ 2 ಮಳಿಗೆಗಳು
ಸಂದೇಹ ಎಂದು ಪ್ರಶ್ನಿಸಿದರು. ಎಲ್ಲ ಮಳಿಗೆ ಖಾಲಿ ಮಾಡಿಸುವ ಅಗತ್ಯ ಎಂದೇಳಿ ಹೊರಡಿಸಿದರು. ಸೋಮವಾರ ಎಲ್ಲಾ ಮಳಿಗೆಗಳನ್ನು ಸೀಜ್ ಮಾಡಲು ಬರುವ ಮಾಹಿತಿ ತಿಳಿದ ಬಾಡಿಗೆದಾರರು ಅಂಗಡಿಗಳ ಬಾಗಿಲು ತೆರೆಯದೆ ಅಸಹಕಾರ ತೋರಿದ್ದರು. ಆದರೆ ಐವತ್ತಕ್ಕೂ ಹೆಚ್ಚು ಮಳಿಗೆಗಳ ಪೈಕಿ ಭಗೀರಥ ಹಾಗೂ ನಾಗರಾಜು ಇಬ್ಬರು ಮಾತ್ರ ಅಂಗಡಿ ಬಾಗಿಲು ತೆರೆದು ವ್ಯಾಪಾರ ಮಾಡುತ್ತಿದ್ದರು.
